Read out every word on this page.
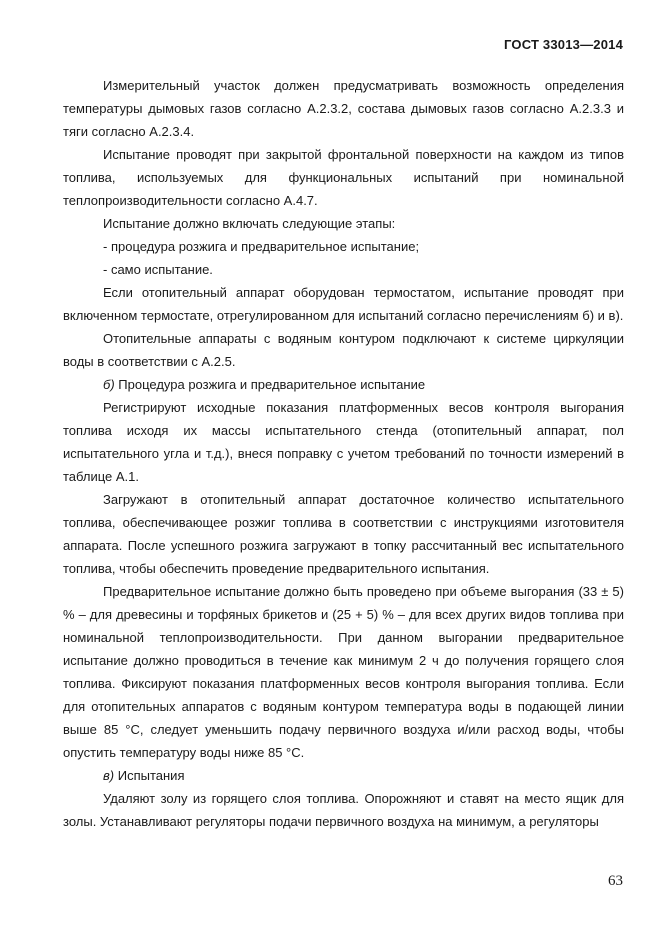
ГОСТ 33013—2014

Измерительный участок должен предусматривать возможность определения температуры дымовых газов согласно А.2.3.2, состава дымовых газов согласно А.2.3.3 и тяги согласно А.2.3.4.

Испытание проводят при закрытой фронтальной поверхности на каждом из типов топлива, используемых для функциональных испытаний при номинальной теплопроизводительности согласно А.4.7.

Испытание должно включать следующие этапы:

- процедура розжига и предварительное испытание;

- само испытание.

Если отопительный аппарат оборудован термостатом, испытание проводят при включенном термостате, отрегулированном для испытаний согласно перечислениям б) и в).

Отопительные аппараты с водяным контуром подключают к системе циркуляции воды в соответствии с А.2.5.

б) Процедура розжига и предварительное испытание

Регистрируют исходные показания платформенных весов контроля выгорания топлива исходя их массы испытательного стенда (отопительный аппарат, пол испытательного угла и т.д.), внеся поправку с учетом требований по точности измерений в таблице А.1.

Загружают в отопительный аппарат достаточное количество испытательного топлива, обеспечивающее розжиг топлива в соответствии с инструкциями изготовителя аппарата. После успешного розжига загружают в топку рассчитанный вес испытательного топлива, чтобы обеспечить проведение предварительного испытания.

Предварительное испытание должно быть проведено при объеме выгорания (33 ± 5) % – для древесины и торфяных брикетов и (25 + 5) % – для всех других видов топлива при номинальной теплопроизводительности. При данном выгорании предварительное испытание должно проводиться в течение как минимум 2 ч до получения горящего слоя топлива. Фиксируют показания платформенных весов контроля выгорания топлива. Если для отопительных аппаратов с водяным контуром температура воды в подающей линии выше 85 °С, следует уменьшить подачу первичного воздуха и/или расход воды, чтобы опустить температуру воды ниже 85 °С.

в) Испытания

Удаляют золу из горящего слоя топлива. Опорожняют и ставят на место ящик для золы. Устанавливают регуляторы подачи первичного воздуха на минимум, а регуляторы

63
